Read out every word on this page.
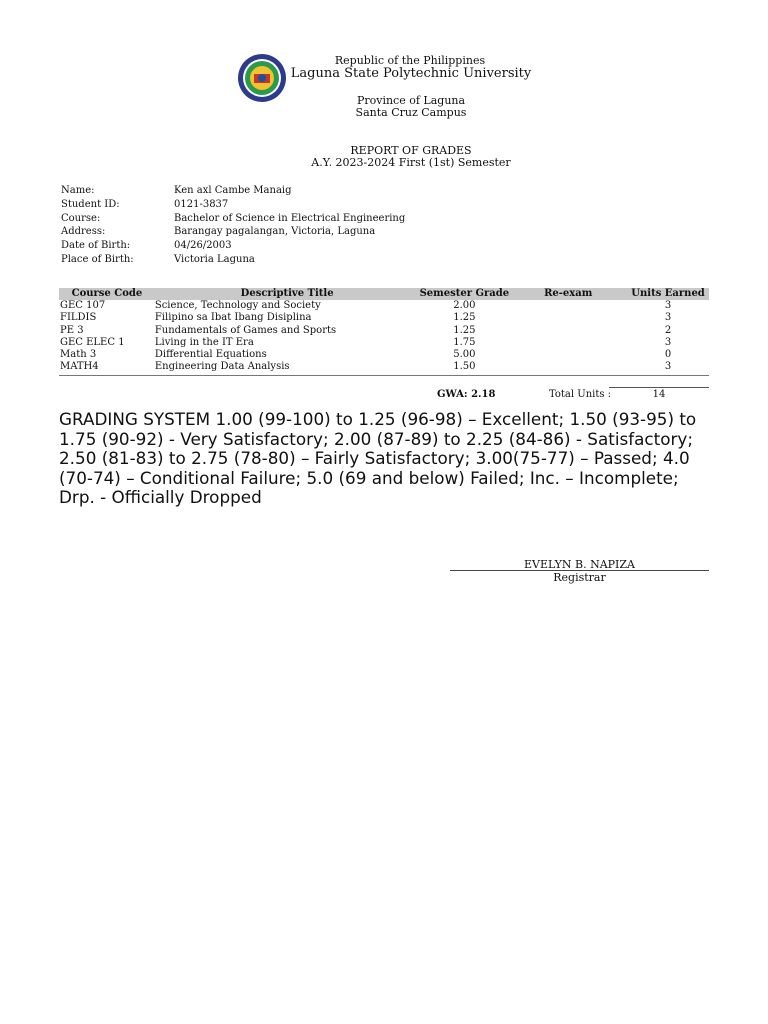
Republic of the Philippines
Laguna State Polytechnic University
Province of Laguna
Santa Cruz Campus
REPORT OF GRADES
A.Y. 2023-2024 First (1st) Semester
Name:	Ken axl Cambe Manaig
Student ID:	0121-3837
Course:	Bachelor of Science in Electrical Engineering
Address:	Barangay pagalangan, Victoria, Laguna
Date of Birth:	04/26/2003
Place of Birth:	Victoria Laguna
Course Code	Descriptive Title	Semester Grade	Re-exam	Units Earned
GEC 107	Science, Technology and Society	2.00		3
FILDIS	Filipino sa Ibat Ibang Disiplina	1.25		3
PE 3	Fundamentals of Games and Sports	1.25		2
GEC ELEC 1	Living in the IT Era	1.75		3
Math 3	Differential Equations	5.00		0
MATH4	Engineering Data Analysis	1.50		3
GWA: 2.18	Total Units :	14
GRADING SYSTEM 1.00 (99-100) to 1.25 (96-98) – Excellent; 1.50 (93-95) to 1.75 (90-92) - Very Satisfactory; 2.00 (87-89) to 2.25 (84-86) - Satisfactory; 2.50 (81-83) to 2.75 (78-80) – Fairly Satisfactory; 3.00(75-77) – Passed; 4.0 (70-74) – Conditional Failure; 5.0 (69 and below) Failed; Inc. – Incomplete; Drp. - Officially Dropped
EVELYN B. NAPIZA
Registrar
